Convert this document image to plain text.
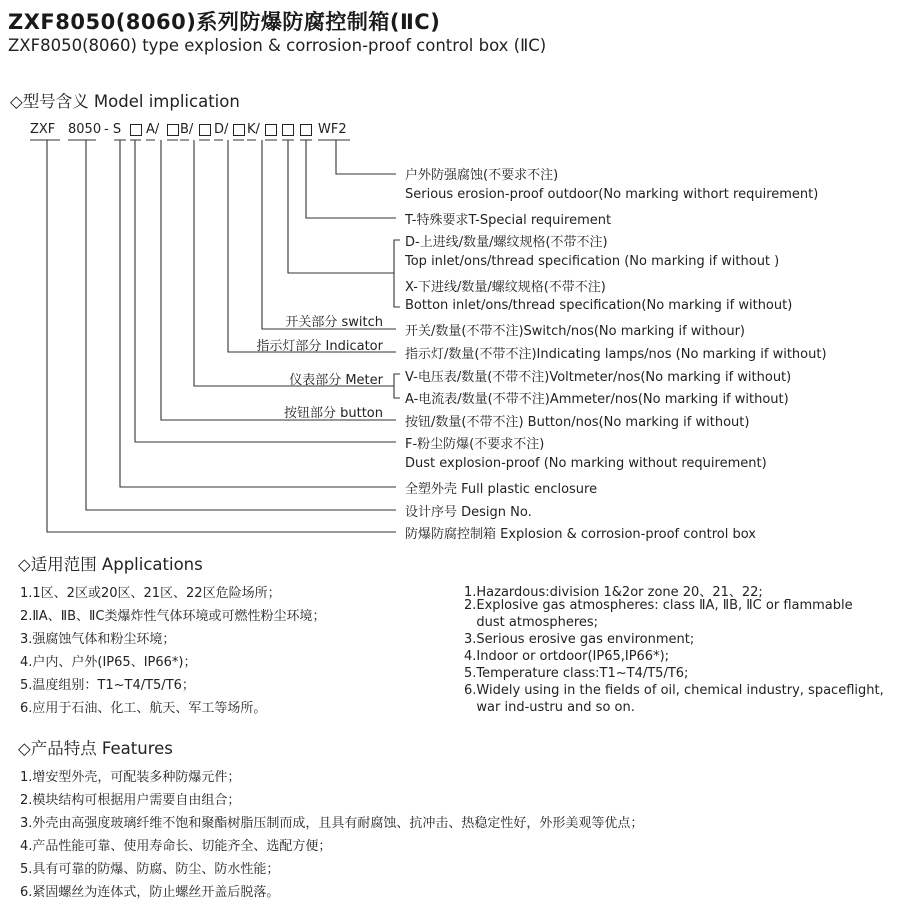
ZXF8050(8060)系列防爆防腐控制箱(ⅡC)
ZXF8050(8060) type explosion & corrosion-proof control box (ⅡC)
◇型号含义 Model implication
ZXF 8050 - S A/ B/ D/ K/	WF2
户外防强腐蚀(不要求不注)
Serious erosion-proof outdoor(No marking withort requirement)
T-特殊要求T-Special requirement
D-上进线/数量/螺纹规格(不带不注)
Top inlet/ons/thread specification (No marking if without )
X-下进线/数量/螺纹规格(不带不注)
Botton inlet/ons/thread specification(No marking if without)
开关/数量(不带不注)Switch/nos(No marking if withour)
指示灯/数量(不带不注)Indicating lamps/nos (No marking if without)
V-电压表/数量(不带不注)Voltmeter/nos(No marking if without)
A-电流表/数量(不带不注)Ammeter/nos(No marking if without)
按钮/数量(不带不注) Button/nos(No marking if without)
F-粉尘防爆(不要求不注)
Dust explosion-proof (No marking without requirement)
全塑外壳 Full plastic enclosure
设计序号 Design No.
防爆防腐控制箱 Explosion & corrosion-proof control box
开关部分 switch
指示灯部分 Indicator
仪表部分 Meter
按钮部分 button
◇适用范围 Applications
1.1区、2区或20区、21区、22区危险场所；
2.ⅡA、ⅡB、ⅡC类爆炸性气体环境或可燃性粉尘环境；
3.强腐蚀气体和粉尘环境；
4.户内、户外(IP65、IP66*)；
5.温度组别：T1~T4/T5/T6；
6.应用于石油、化工、航天、军工等场所。
1.Hazardous:division 1&2or zone 20、21、22;
2.Explosive gas atmospheres: class ⅡA, ⅡB, ⅡC or flammable
dust atmospheres;
3.Serious erosive gas environment;
4.Indoor or ortdoor(IP65,IP66*);
5.Temperature class:T1~T4/T5/T6;
6.Widely using in the fields of oil, chemical industry, spaceflight,
war ind-ustru and so on.
◇产品特点 Features
1.增安型外壳，可配装多种防爆元件；
2.模块结构可根据用户需要自由组合；
3.外壳由高强度玻璃纤维不饱和聚酯树脂压制而成，且具有耐腐蚀、抗冲击、热稳定性好，外形美观等优点；
4.产品性能可靠、使用寿命长、切能齐全、选配方便；
5.具有可靠的防爆、防腐、防尘、防水性能；
6.紧固螺丝为连体式，防止螺丝开盖后脱落。
